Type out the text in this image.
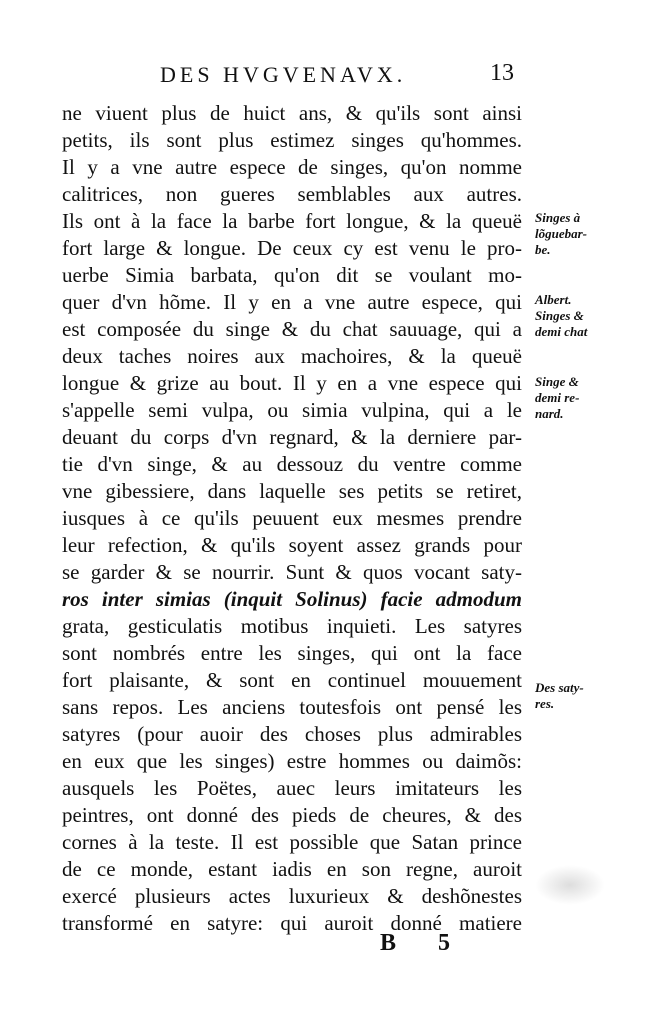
DES HVGVENAVX.	13
ne viuent plus de huict ans, & qu'ils sont ainsi
petits, ils sont plus estimez singes qu'hommes.
Il y a vne autre espece de singes, qu'on nomme
calitrices, non gueres semblables aux autres.
Ils ont à la face la barbe fort longue, & la queuë
fort large & longue. De ceux cy est venu le pro-
uerbe Simia barbata, qu'on dit se voulant mo-
quer d'vn hõme. Il y en a vne autre espece, qui
est composée du singe & du chat sauuage, qui a
deux taches noires aux machoires, & la queuë
longue & grize au bout. Il y en a vne espece qui
s'appelle semi vulpa, ou simia vulpina, qui a le
deuant du corps d'vn regnard, & la derniere par-
tie d'vn singe, & au dessouz du ventre comme
vne gibessiere, dans laquelle ses petits se retiret,
iusques à ce qu'ils peuuent eux mesmes prendre
leur refection, & qu'ils soyent assez grands pour
se garder & se nourrir. Sunt & quos vocant saty-
ros inter simias (inquit Solinus) facie admodum
grata, gesticulatis motibus inquieti. Les satyres
sont nombrés entre les singes, qui ont la face
fort plaisante, & sont en continuel mouuement
sans repos. Les anciens toutesfois ont pensé les
satyres (pour auoir des choses plus admirables
en eux que les singes) estre hommes ou daimõs:
ausquels les Poëtes, auec leurs imitateurs les
peintres, ont donné des pieds de cheures, & des
cornes à la teste. Il est possible que Satan prince
de ce monde, estant iadis en son regne, auroit
exercé plusieurs actes luxurieux & deshõnestes
transformé en satyre: qui auroit donné matiere
Singes à
lõguebar-
be.
Albert.
Singes &
demi chat
Singe &
demi re-
nard.
Des saty-
res.
B 5
